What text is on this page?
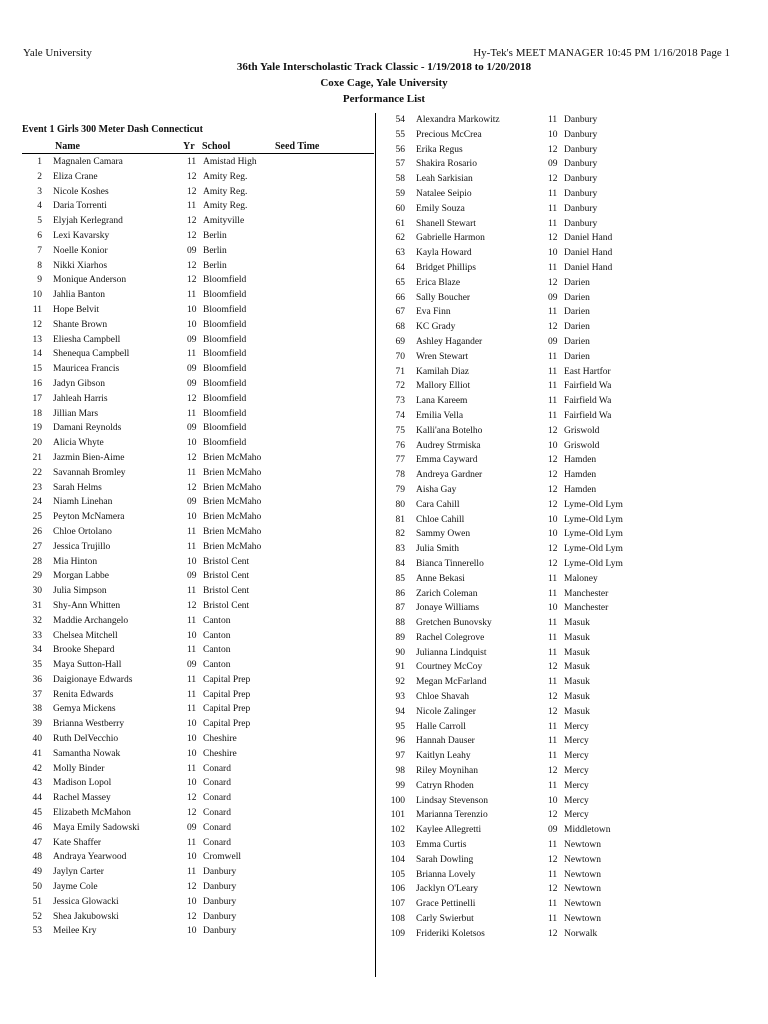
Yale University	Hy-Tek's MEET MANAGER 10:45 PM 1/16/2018 Page 1
36th Yale Interscholastic Track Classic - 1/19/2018 to 1/20/2018
Coxe Cage, Yale University
Performance List
Event 1 Girls 300 Meter Dash Connecticut
Name	Yr School	Seed Time
1 Magnalen Camara	11 Amistad High
2 Eliza Crane	12 Amity Reg.
3 Nicole Koshes	12 Amity Reg.
4 Daria Torrenti	11 Amity Reg.
5 Elyjah Kerlegrand	12 Amityville
6 Lexi Kavarsky	12 Berlin
7 Noelle Konior	09 Berlin
8 Nikki Xiarhos	12 Berlin
9 Monique Anderson	12 Bloomfield
10 Jahlia Banton	11 Bloomfield
11 Hope Belvit	10 Bloomfield
12 Shante Brown	10 Bloomfield
13 Eliesha Campbell	09 Bloomfield
14 Shenequa Campbell	11 Bloomfield
15 Mauricea Francis	09 Bloomfield
16 Jadyn Gibson	09 Bloomfield
17 Jahleah Harris	12 Bloomfield
18 Jillian Mars	11 Bloomfield
19 Damani Reynolds	09 Bloomfield
20 Alicia Whyte	10 Bloomfield
21 Jazmin Bien-Aime	12 Brien McMaho
22 Savannah Bromley	11 Brien McMaho
23 Sarah Helms	12 Brien McMaho
24 Niamh Linehan	09 Brien McMaho
25 Peyton McNamera	10 Brien McMaho
26 Chloe Ortolano	11 Brien McMaho
27 Jessica Trujillo	11 Brien McMaho
28 Mia Hinton	10 Bristol Cent
29 Morgan Labbe	09 Bristol Cent
30 Julia Simpson	11 Bristol Cent
31 Shy-Ann Whitten	12 Bristol Cent
32 Maddie Archangelo	11 Canton
33 Chelsea Mitchell	10 Canton
34 Brooke Shepard	11 Canton
35 Maya Sutton-Hall	09 Canton
36 Daigionaye Edwards	11 Capital Prep
37 Renita Edwards	11 Capital Prep
38 Gemya Mickens	11 Capital Prep
39 Brianna Westberry	10 Capital Prep
40 Ruth DelVecchio	10 Cheshire
41 Samantha Nowak	10 Cheshire
42 Molly Binder	11 Conard
43 Madison Lopol	10 Conard
44 Rachel Massey	12 Conard
45 Elizabeth McMahon	12 Conard
46 Maya Emily Sadowski	09 Conard
47 Kate Shaffer	11 Conard
48 Andraya Yearwood	10 Cromwell
49 Jaylyn Carter	11 Danbury
50 Jayme Cole	12 Danbury
51 Jessica Glowacki	10 Danbury
52 Shea Jakubowski	12 Danbury
53 Meilee Kry	10 Danbury
54 Alexandra Markowitz	11 Danbury
55 Precious McCrea	10 Danbury
56 Erika Regus	12 Danbury
57 Shakira Rosario	09 Danbury
58 Leah Sarkisian	12 Danbury
59 Natalee Seipio	11 Danbury
60 Emily Souza	11 Danbury
61 Shanell Stewart	11 Danbury
62 Gabrielle Harmon	12 Daniel Hand
63 Kayla Howard	10 Daniel Hand
64 Bridget Phillips	11 Daniel Hand
65 Erica Blaze	12 Darien
66 Sally Boucher	09 Darien
67 Eva Finn	11 Darien
68 KC Grady	12 Darien
69 Ashley Hagander	09 Darien
70 Wren Stewart	11 Darien
71 Kamilah Diaz	11 East Hartfor
72 Mallory Elliot	11 Fairfield Wa
73 Lana Kareem	11 Fairfield Wa
74 Emilia Vella	11 Fairfield Wa
75 Kalli'ana Botelho	12 Griswold
76 Audrey Strmiska	10 Griswold
77 Emma Cayward	12 Hamden
78 Andreya Gardner	12 Hamden
79 Aisha Gay	12 Hamden
80 Cara Cahill	12 Lyme-Old Lym
81 Chloe Cahill	10 Lyme-Old Lym
82 Sammy Owen	10 Lyme-Old Lym
83 Julia Smith	12 Lyme-Old Lym
84 Bianca Tinnerello	12 Lyme-Old Lym
85 Anne Bekasi	11 Maloney
86 Zarich Coleman	11 Manchester
87 Jonaye Williams	10 Manchester
88 Gretchen Bunovsky	11 Masuk
89 Rachel Colegrove	11 Masuk
90 Julianna Lindquist	11 Masuk
91 Courtney McCoy	12 Masuk
92 Megan McFarland	11 Masuk
93 Chloe Shavah	12 Masuk
94 Nicole Zalinger	12 Masuk
95 Halle Carroll	11 Mercy
96 Hannah Dauser	11 Mercy
97 Kaitlyn Leahy	11 Mercy
98 Riley Moynihan	12 Mercy
99 Catryn Rhoden	11 Mercy
100 Lindsay Stevenson	10 Mercy
101 Marianna Terenzio	12 Mercy
102 Kaylee Allegretti	09 Middletown
103 Emma Curtis	11 Newtown
104 Sarah Dowling	12 Newtown
105 Brianna Lovely	11 Newtown
106 Jacklyn O'Leary	12 Newtown
107 Grace Pettinelli	11 Newtown
108 Carly Swierbut	11 Newtown
109 Frideriki Koletsos	12 Norwalk
